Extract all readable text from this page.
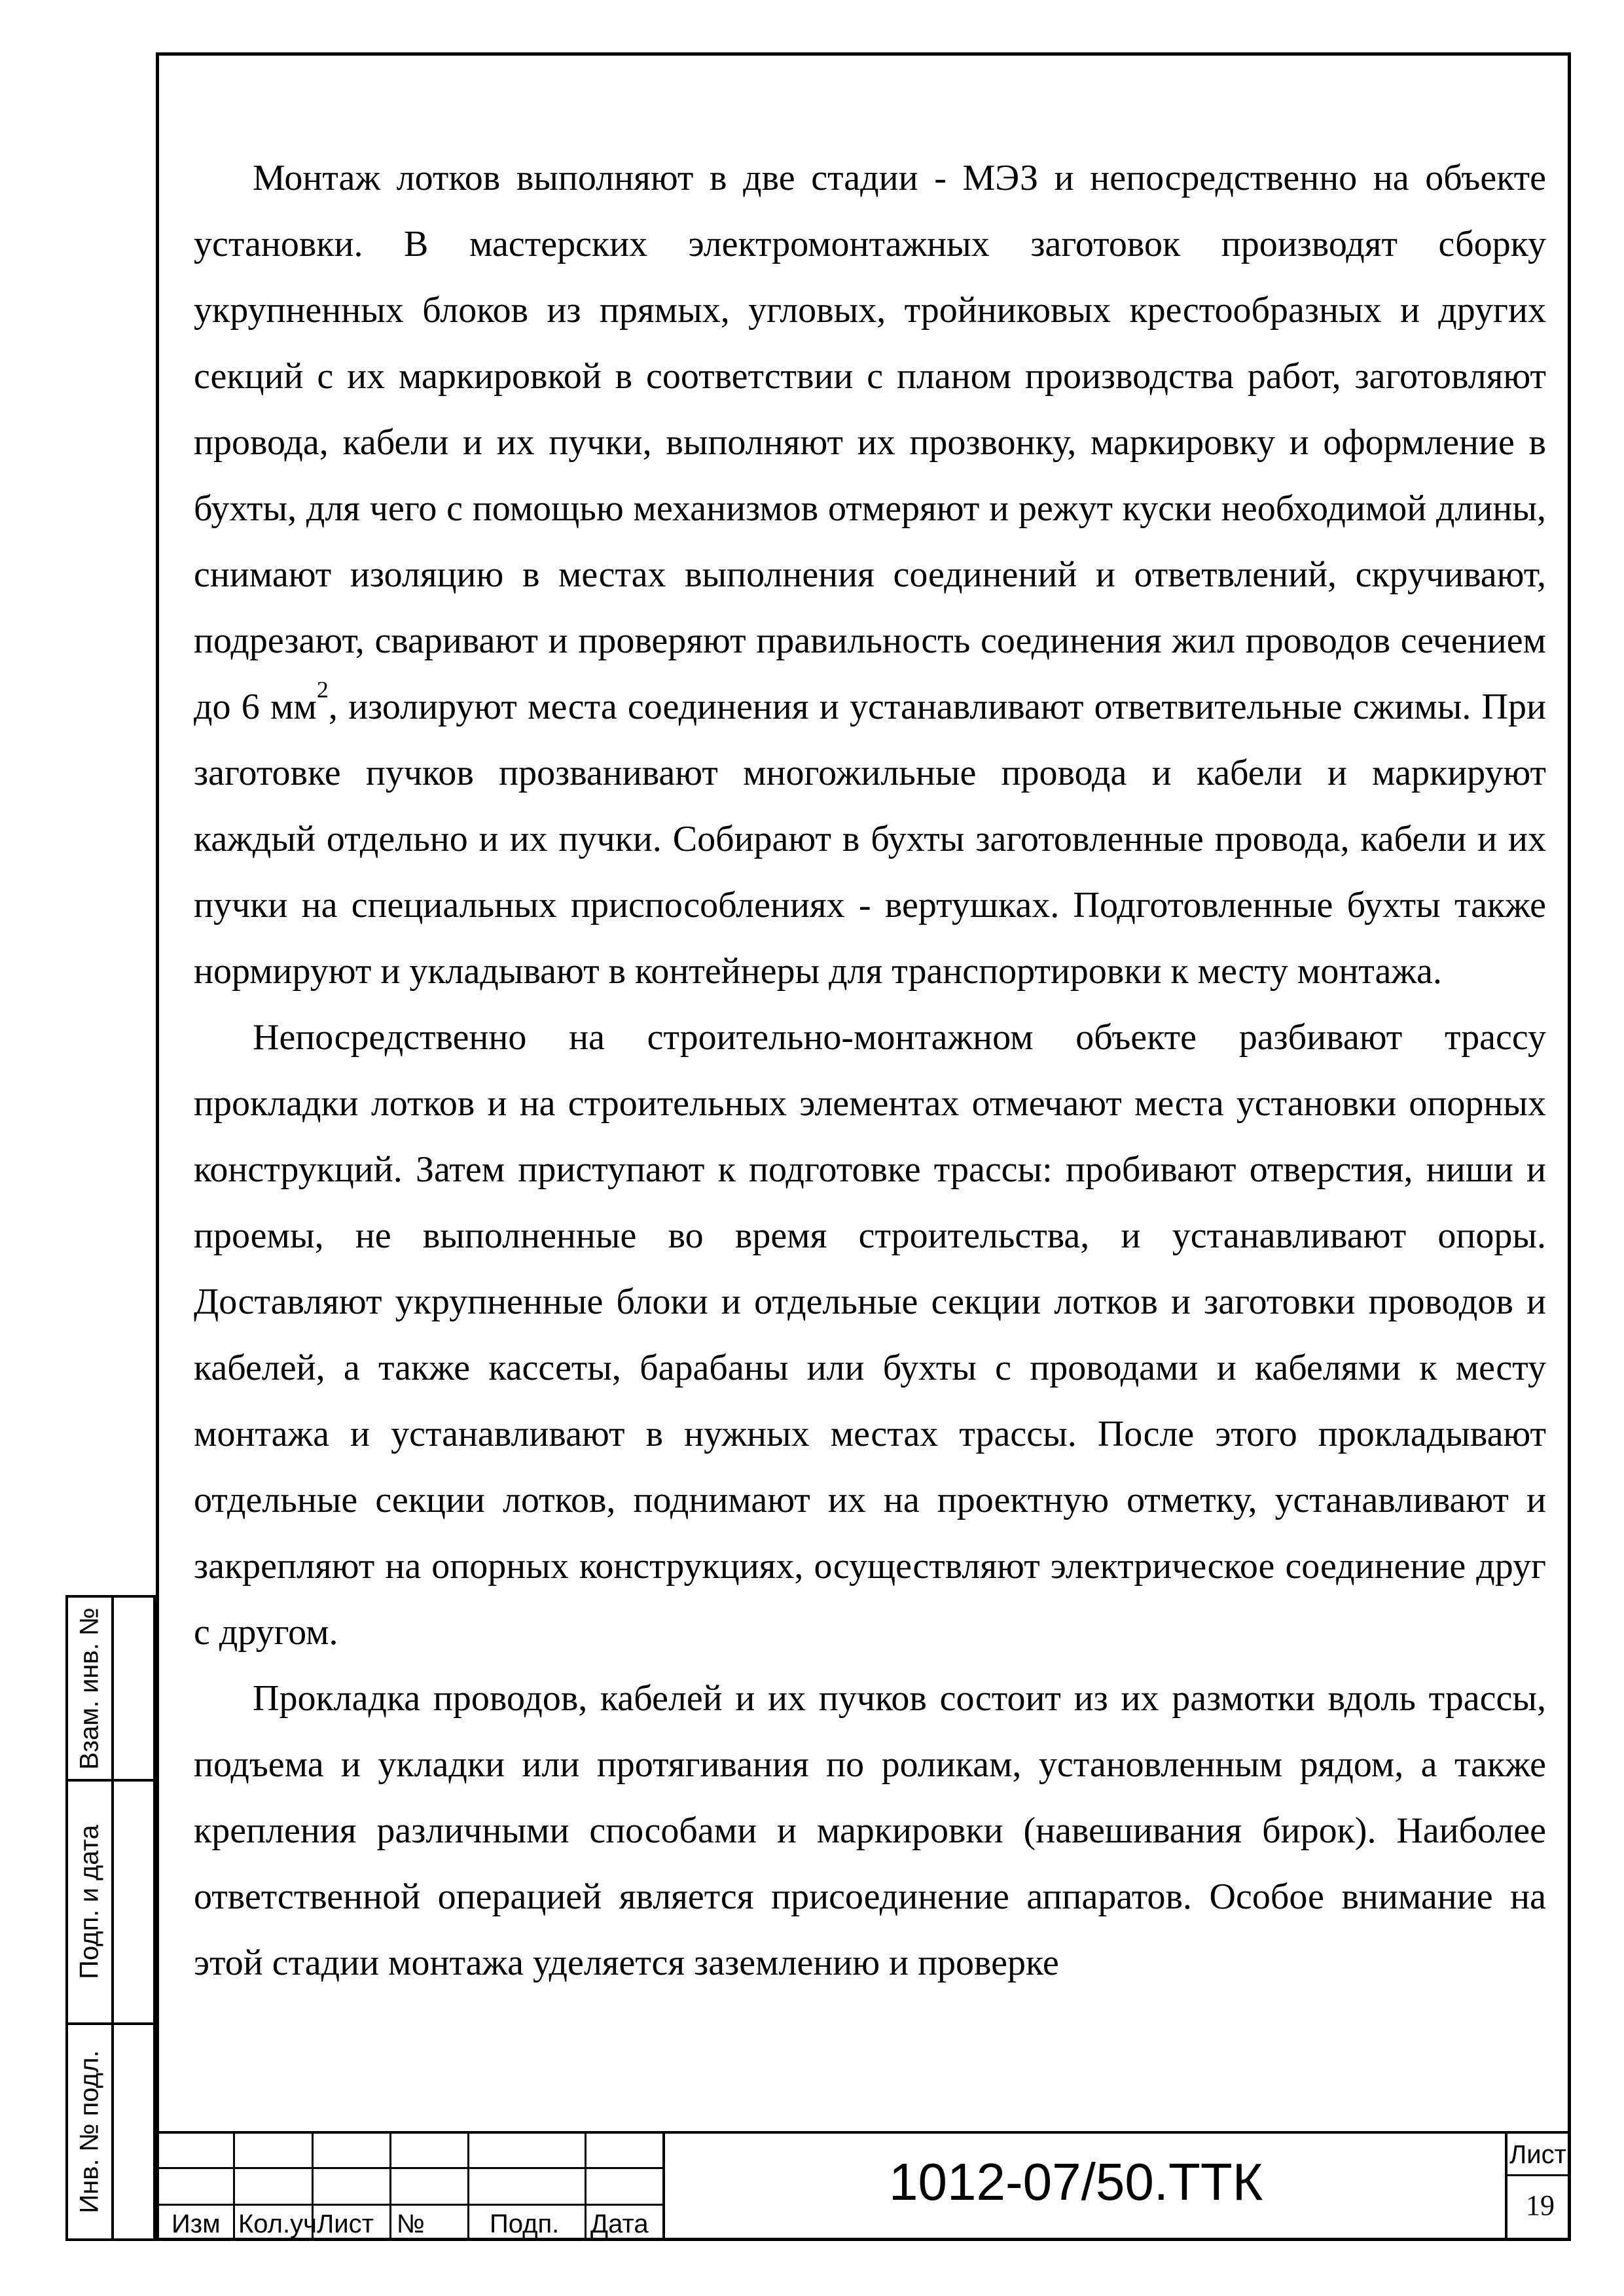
Монтаж лотков выполняют в две стадии - МЭЗ и непосредственно на объекте установки. В мастерских электромонтажных заготовок производят сборку укрупненных блоков из прямых, угловых, тройниковых крестообразных и других секций с их маркировкой в соответствии с планом производства работ, заготовляют провода, кабели и их пучки, выполняют их прозвонку, маркировку и оформление в бухты, для чего с помощью механизмов отмеряют и режут куски необходимой длины, снимают изоляцию в местах выполнения соединений и ответвлений, скручивают, подрезают, сваривают и проверяют правильность соединения жил проводов сечением до 6 $мм^2$, изолируют места соединения и устанавливают ответвительные сжимы. При заготовке пучков прозванивают многожильные провода и кабели и маркируют каждый отдельно и их пучки. Собирают в бухты заготовленные провода, кабели и их пучки на специальных приспособлениях - вертушках. Подготовленные бухты также нормируют и укладывают в контейнеры для транспортировки к месту монтажа.

Непосредственно на строительно-монтажном объекте разбивают трассу прокладки лотков и на строительных элементах отмечают места установки опорных конструкций. Затем приступают к подготовке трассы: пробивают отверстия, ниши и проемы, не выполненные во время строительства, и устанавливают опоры. Доставляют укрупненные блоки и отдельные секции лотков и заготовки проводов и кабелей, а также кассеты, барабаны или бухты с проводами и кабелями к месту монтажа и устанавливают в нужных местах трассы. После этого прокладывают отдельные секции лотков, поднимают их на проектную отметку, устанавливают и закрепляют на опорных конструкциях, осуществляют электрическое соединение друг с другом.

Прокладка проводов, кабелей и их пучков состоит из их размотки вдоль трассы, подъема и укладки или протягивания по роликам, установленным рядом, а также крепления различными способами и маркировки (навешивания бирок). Наиболее ответственной операцией является присоединение аппаратов. Особое внимание на этой стадии монтажа уделяется заземлению и проверке

Взам. инв. №
Подп. и дата
Инв. № подл.
Изм Кол.уч Лист № Подп. Дата
1012-07/50.ТТК	Лист
19
